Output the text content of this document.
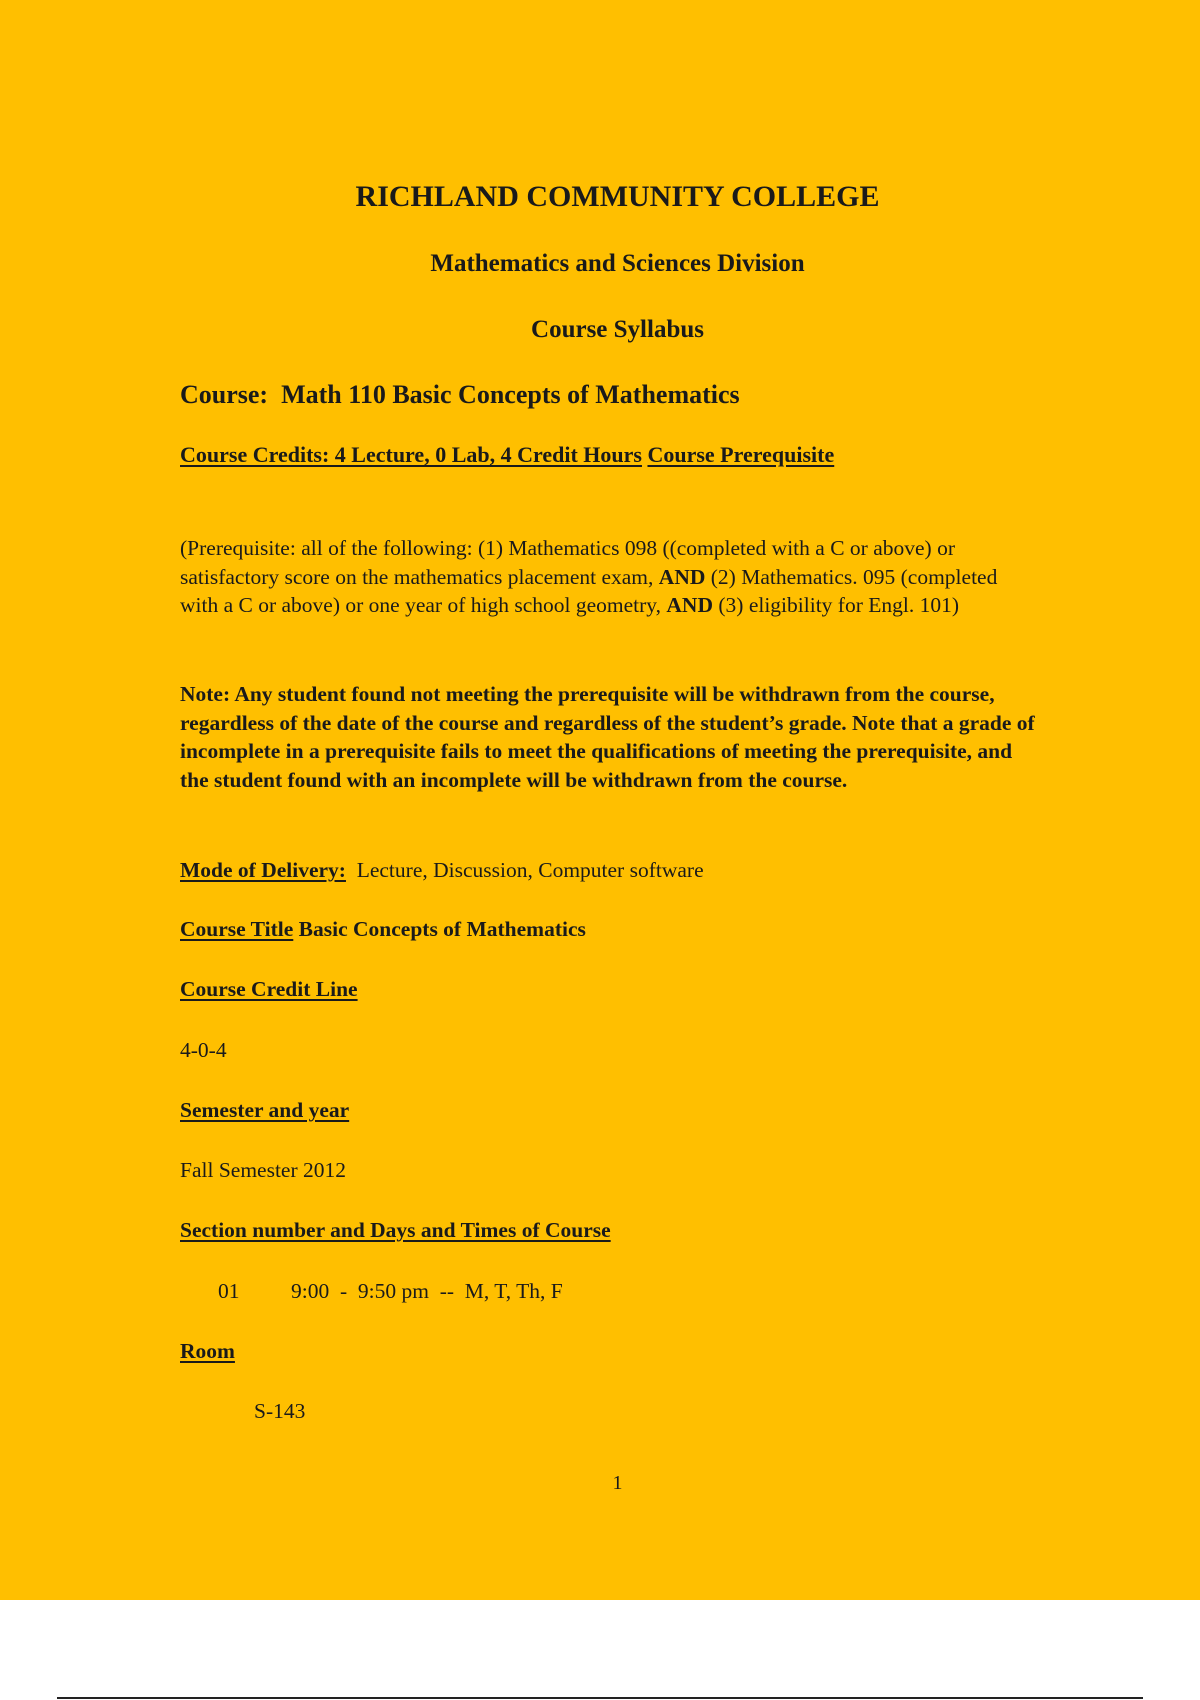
RICHLAND COMMUNITY COLLEGE
Mathematics and Sciences Division
Course Syllabus
Course: Math 110 Basic Concepts of Mathematics
Course Credits: 4 Lecture, 0 Lab, 4 Credit Hours Course Prerequisite

(Prerequisite: all of the following: (1) Mathematics 098 ((completed with a C or above) or satisfactory score on the mathematics placement exam, AND (2) Mathematics. 095 (completed with a C or above) or one year of high school geometry, AND (3) eligibility for Engl. 101)

Note: Any student found not meeting the prerequisite will be withdrawn from the course, regardless of the date of the course and regardless of the student’s grade. Note that a grade of incomplete in a prerequisite fails to meet the qualifications of meeting the prerequisite, and the student found with an incomplete will be withdrawn from the course.

Mode of Delivery: Lecture, Discussion, Computer software
Course Title Basic Concepts of Mathematics
Course Credit Line
4-0-4
Semester and year
Fall Semester 2012
Section number and Days and Times of Course
01 9:00  -  9:50 pm  --  M, T, Th, F
Room
S-143
1
